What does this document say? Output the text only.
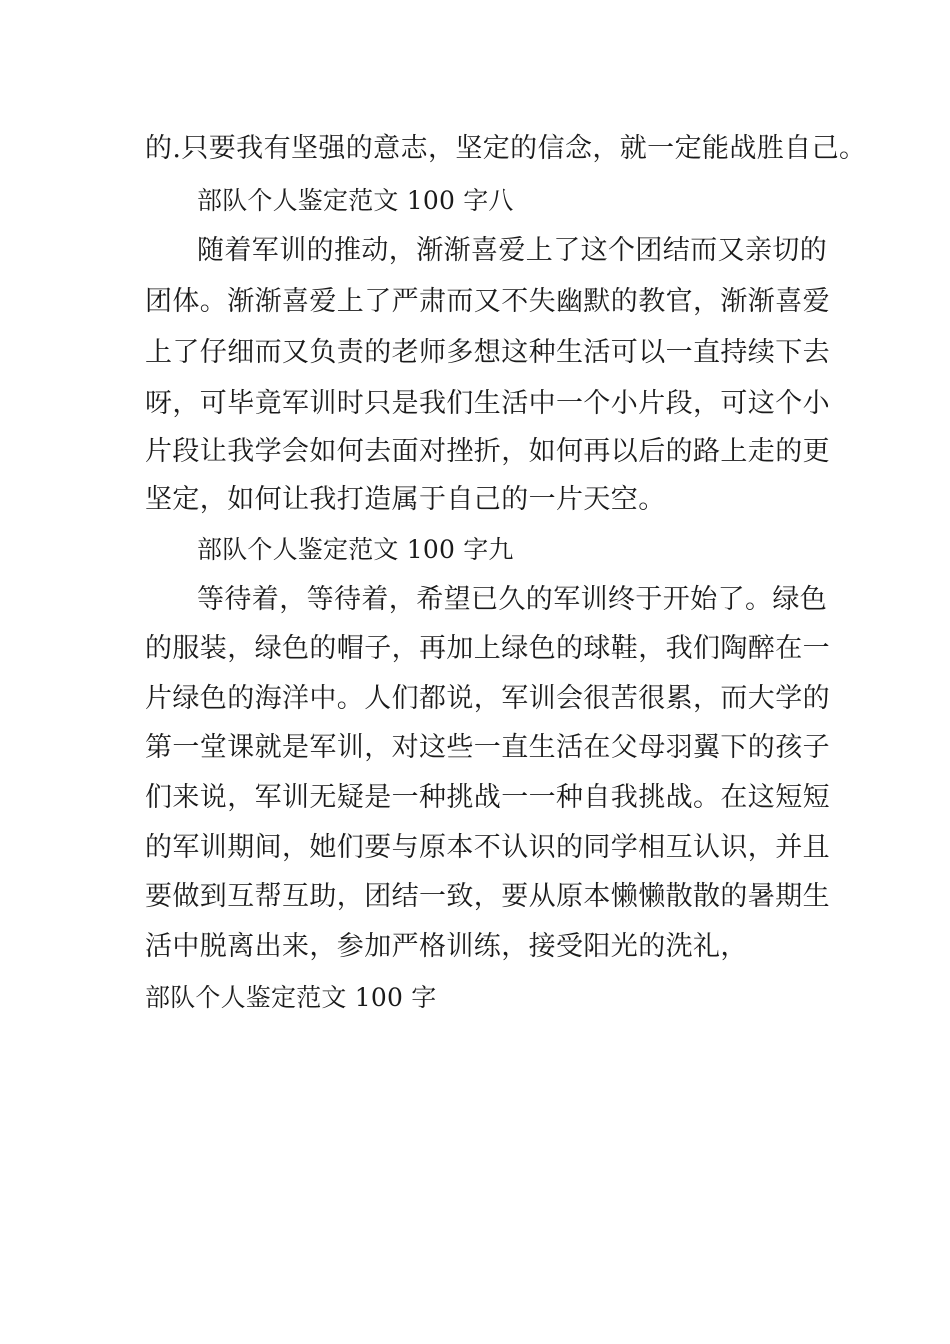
的.只要我有坚强的意志，坚定的信念，就一定能战胜自己。
部队个人鉴定范文 100 字八
随着军训的推动，渐渐喜爱上了这个团结而又亲切的
团体。渐渐喜爱上了严肃而又不失幽默的教官，渐渐喜爱
上了仔细而又负责的老师多想这种生活可以一直持续下去
呀，可毕竟军训时只是我们生活中一个小片段，可这个小
片段让我学会如何去面对挫折，如何再以后的路上走的更
坚定，如何让我打造属于自己的一片天空。
部队个人鉴定范文 100 字九
等待着，等待着，希望已久的军训终于开始了。绿色
的服装，绿色的帽子，再加上绿色的球鞋，我们陶醉在一
片绿色的海洋中。人们都说，军训会很苦很累，而大学的
第一堂课就是军训，对这些一直生活在父母羽翼下的孩子
们来说，军训无疑是一种挑战一一种自我挑战。在这短短
的军训期间，她们要与原本不认识的同学相互认识，并且
要做到互帮互助，团结一致，要从原本懒懒散散的暑期生
活中脱离出来，参加严格训练，接受阳光的洗礼，
部队个人鉴定范文 100 字
